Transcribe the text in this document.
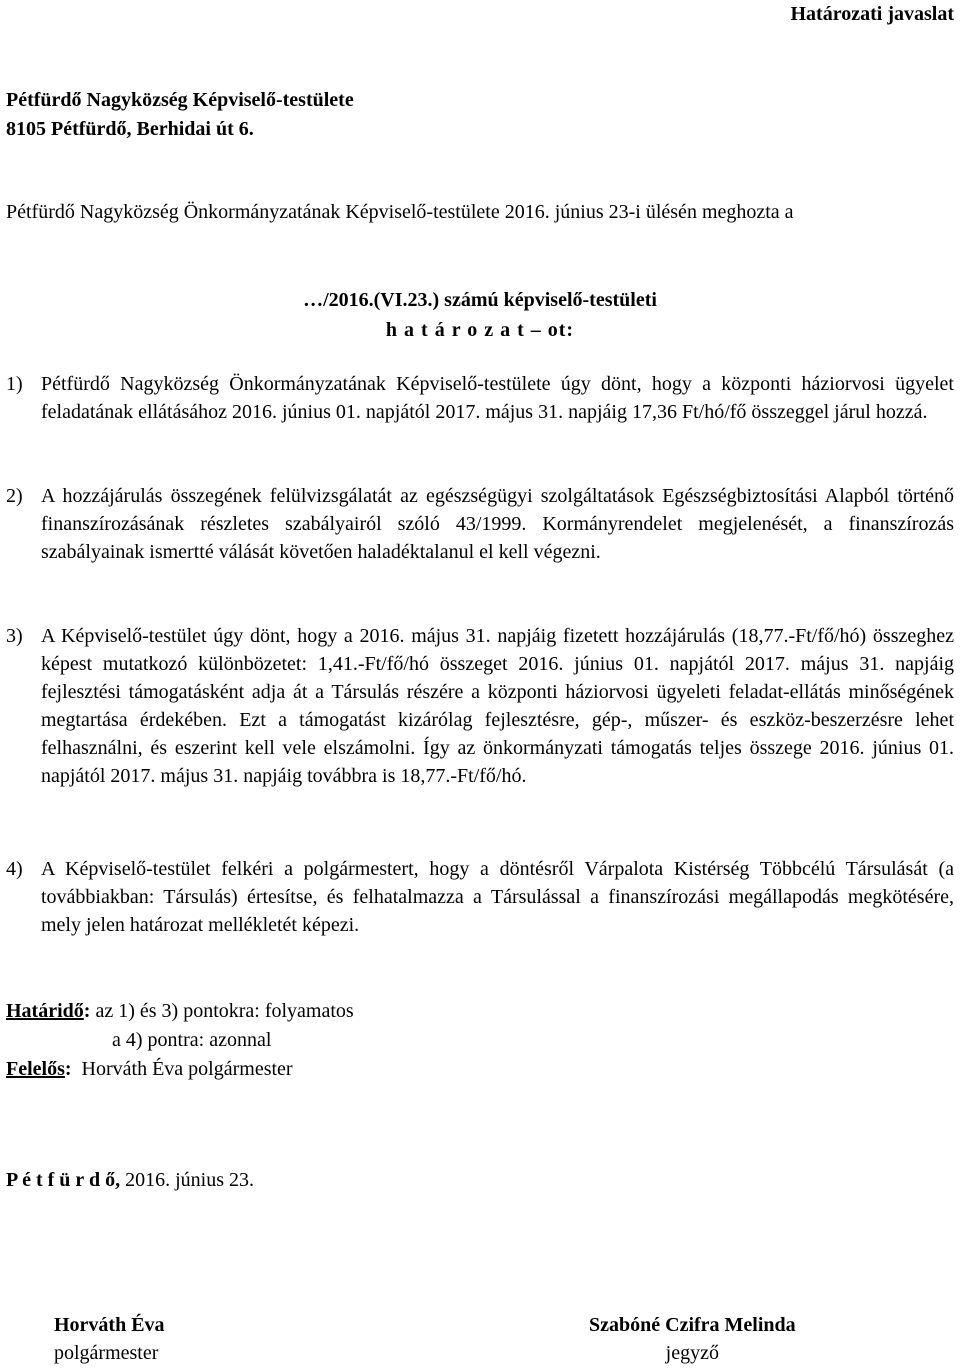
Határozati javaslat
Pétfürdő Nagyközség Képviselő-testülete
8105 Pétfürdő, Berhidai út 6.
Pétfürdő Nagyközség Önkormányzatának Képviselő-testülete 2016. június 23-i ülésén meghozta a
…/2016.(VI.23.) számú képviselő-testületi
h a t á r o z a t – ot:
1) Pétfürdő Nagyközség Önkormányzatának Képviselő-testülete úgy dönt, hogy a központi háziorvosi ügyelet feladatának ellátásához 2016. június 01. napjától 2017. május 31. napjáig 17,36 Ft/hó/fő összeggel járul hozzá.
2) A hozzájárulás összegének felülvizsgálatát az egészségügyi szolgáltatások Egészségbiztosítási Alapból történő finanszírozásának részletes szabályairól szóló 43/1999. Kormányrendelet megjelenését, a finanszírozás szabályainak ismertté válását követően haladéktalanul el kell végezni.
3) A Képviselő-testület úgy dönt, hogy a 2016. május 31. napjáig fizetett hozzájárulás (18,77.-Ft/fő/hó) összeghez képest mutatkozó különbözetet: 1,41.-Ft/fő/hó összeget 2016. június 01. napjától 2017. május 31. napjáig fejlesztési támogatásként adja át a Társulás részére a központi háziorvosi ügyeleti feladat-ellátás minőségének megtartása érdekében. Ezt a támogatást kizárólag fejlesztésre, gép-, műszer- és eszköz-beszerzésre lehet felhasználni, és eszerint kell vele elszámolni. Így az önkormányzati támogatás teljes összege 2016. június 01. napjától 2017. május 31. napjáig továbbra is 18,77.-Ft/fő/hó.
4) A Képviselő-testület felkéri a polgármestert, hogy a döntésről Várpalota Kistérség Többcélú Társulását (a továbbiakban: Társulás) értesítse, és felhatalmazza a Társulással a finanszírozási megállapodás megkötésére, mely jelen határozat mellékletét képezi.
Határidő: az 1) és 3) pontokra: folyamatos
a 4) pontra: azonnal
Felelős:  Horváth Éva polgármester
P é t f ü r d ő, 2016. június 23.
Horváth Éva
polgármester
Szabóné Czifra Melinda
jegyző
